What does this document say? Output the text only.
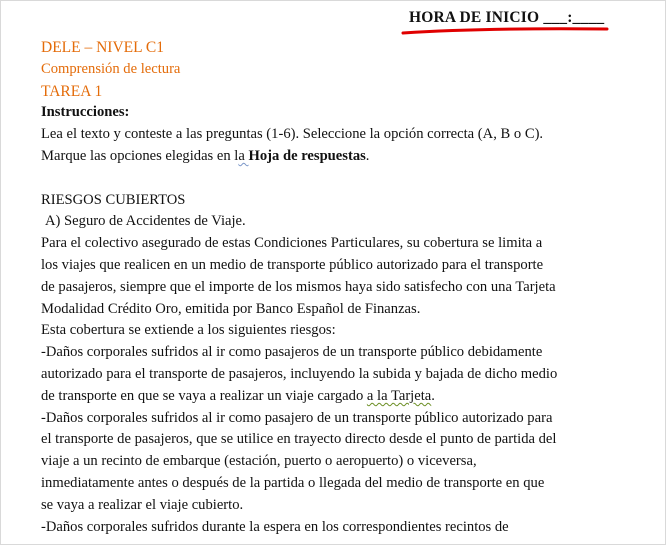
HORA DE INICIO ___:____
DELE – NIVEL C1
Comprensión de lectura
TAREA 1
Instrucciones:
Lea el texto y conteste a las preguntas (1-6). Seleccione la opción correcta (A, B o C).
Marque las opciones elegidas en la Hoja de respuestas.
RIESGOS CUBIERTOS
A) Seguro de Accidentes de Viaje.
Para el colectivo asegurado de estas Condiciones Particulares, su cobertura se limita a
los viajes que realicen en un medio de transporte público autorizado para el transporte
de pasajeros, siempre que el importe de los mismos haya sido satisfecho con una Tarjeta
Modalidad Crédito Oro, emitida por Banco Español de Finanzas.
Esta cobertura se extiende a los siguientes riesgos:
-Daños corporales sufridos al ir como pasajeros de un transporte público debidamente
autorizado para el transporte de pasajeros, incluyendo la subida y bajada de dicho medio
de transporte en que se vaya a realizar un viaje cargado a la Tarjeta.
-Daños corporales sufridos al ir como pasajero de un transporte público autorizado para
el transporte de pasajeros, que se utilice en trayecto directo desde el punto de partida del
viaje a un recinto de embarque (estación, puerto o aeropuerto) o viceversa,
inmediatamente antes o después de la partida o llegada del medio de transporte en que
se vaya a realizar el viaje cubierto.
-Daños corporales sufridos durante la espera en los correspondientes recintos de
